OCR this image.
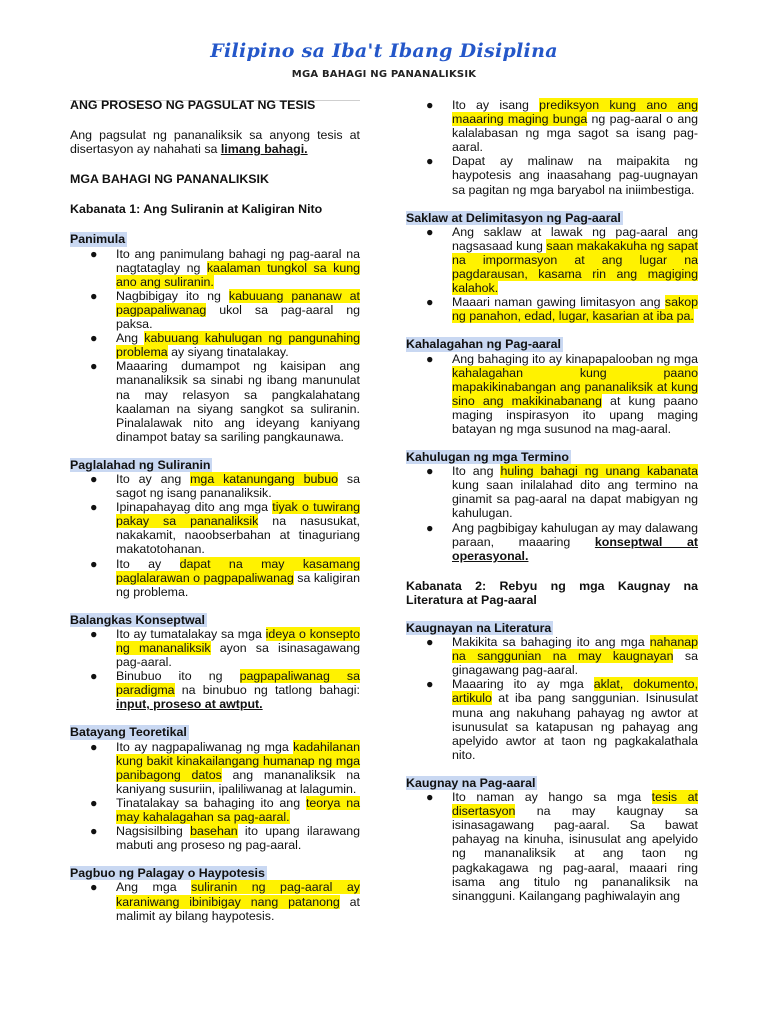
Filipino sa Iba't Ibang Disiplina
MGA BAHAGI NG PANANALIKSIK

ANG PROSESO NG PAGSULAT NG TESIS

Ang pagsulat ng pananaliksik sa anyong tesis at disertasyon ay nahahati sa limang bahagi.

MGA BAHAGI NG PANANALIKSIK

Kabanata 1: Ang Suliranin at Kaligiran Nito

Panimula
● Ito ang panimulang bahagi ng pag-aaral na nagtataglay ng kaalaman tungkol sa kung ano ang suliranin.
● Nagbibigay ito ng kabuuang pananaw at pagpapaliwanag ukol sa pag-aaral ng paksa.
● Ang kabuuang kahulugan ng pangunahing problema ay siyang tinatalakay.
● Maaaring dumampot ng kaisipan ang mananaliksik sa sinabi ng ibang manunulat na may relasyon sa pangkalahatang kaalaman na siyang sangkot sa suliranin. Pinalalawak nito ang ideyang kaniyang dinampot batay sa sariling pangkaunawa.
Paglalahad ng Suliranin
● Ito ay ang mga katanungang bubuo sa sagot ng isang pananaliksik.
● Ipinapahayag dito ang mga tiyak o tuwirang pakay sa pananaliksik na nasusukat, nakakamit, naoobserbahan at tinaguriang makatotohanan.
● Ito ay dapat na may kasamang paglalarawan o pagpapaliwanag sa kaligiran ng problema.
Balangkas Konseptwal
● Ito ay tumatalakay sa mga ideya o konsepto ng mananaliksik ayon sa isinasagawang pag-aaral.
● Binubuo ito ng pagpapaliwanag sa paradigma na binubuo ng tatlong bahagi: input, proseso at awtput.
Batayang Teoretikal
● Ito ay nagpapaliwanag ng mga kadahilanan kung bakit kinakailangang humanap ng mga panibagong datos ang mananaliksik na kaniyang susuriin, ipaliliwanag at lalagumin.
● Tinatalakay sa bahaging ito ang teorya na may kahalagahan sa pag-aaral.
● Nagsisilbing basehan ito upang ilarawang mabuti ang proseso ng pag-aaral.
Pagbuo ng Palagay o Haypotesis
● Ang mga suliranin ng pag-aaral ay karaniwang ibinibigay nang patanong at malimit ay bilang haypotesis.
● Ito ay isang prediksyon kung ano ang maaaring maging bunga ng pag-aaral o ang kalalabasan ng mga sagot sa isang pag-aaral.
● Dapat ay malinaw na maipakita ng haypotesis ang inaasahang pag-uugnayan sa pagitan ng mga baryabol na iniimbestiga.
Saklaw at Delimitasyon ng Pag-aaral
● Ang saklaw at lawak ng pag-aaral ang nagsasaad kung saan makakakuha ng sapat na impormasyon at ang lugar na pagdarausan, kasama rin ang magiging kalahok.
● Maaari naman gawing limitasyon ang sakop ng panahon, edad, lugar, kasarian at iba pa.
Kahalagahan ng Pag-aaral
● Ang bahaging ito ay kinapapalooban ng mga kahalagahan kung paano mapakikinabangan ang pananaliksik at kung sino ang makikinabanang at kung paano maging inspirasyon ito upang maging batayan ng mga susunod na mag-aaral.
Kahulugan ng mga Termino
● Ito ang huling bahagi ng unang kabanata kung saan inilalahad dito ang termino na ginamit sa pag-aaral na dapat mabigyan ng kahulugan.
● Ang pagbibigay kahulugan ay may dalawang paraan, maaaring konseptwal at operasyonal.

Kabanata 2: Rebyu ng mga Kaugnay na Literatura at Pag-aaral

Kaugnayan na Literatura
● Makikita sa bahaging ito ang mga nahanap na sanggunian na may kaugnayan sa ginagawang pag-aaral.
● Maaaring ito ay mga aklat, dokumento, artikulo at iba pang sanggunian. Isinusulat muna ang nakuhang pahayag ng awtor at isunusulat sa katapusan ng pahayag ang apelyido awtor at taon ng pagkakalathala nito.
Kaugnay na Pag-aaral
● Ito naman ay hango sa mga tesis at disertasyon na may kaugnay sa isinasagawang pag-aaral. Sa bawat pahayag na kinuha, isinusulat ang apelyido ng mananaliksik at ang taon ng pagkakagawa ng pag-aaral, maaari ring isama ang titulo ng pananaliksik na sinangguni. Kailangang paghiwalayin ang
